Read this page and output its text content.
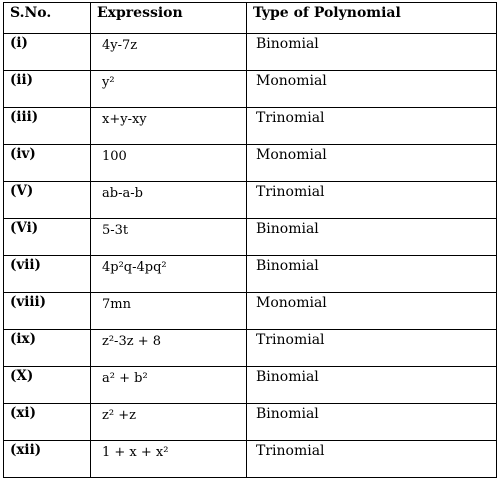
S.No.	Expression	Type of Polynomial
(i)	4y-7z	Binomial
(ii)	y²	Monomial
(iii)	x+y-xy	Trinomial
(iv)	100	Monomial
(V)	ab-a-b	Trinomial
(Vi)	5-3t	Binomial
(vii)	4p²q-4pq²	Binomial
(viii)	7mn	Monomial
(ix)	z²-3z + 8	Trinomial
(X)	a² + b²	Binomial
(xi)	z² +z	Binomial
(xii)	1 + x + x²	Trinomial
